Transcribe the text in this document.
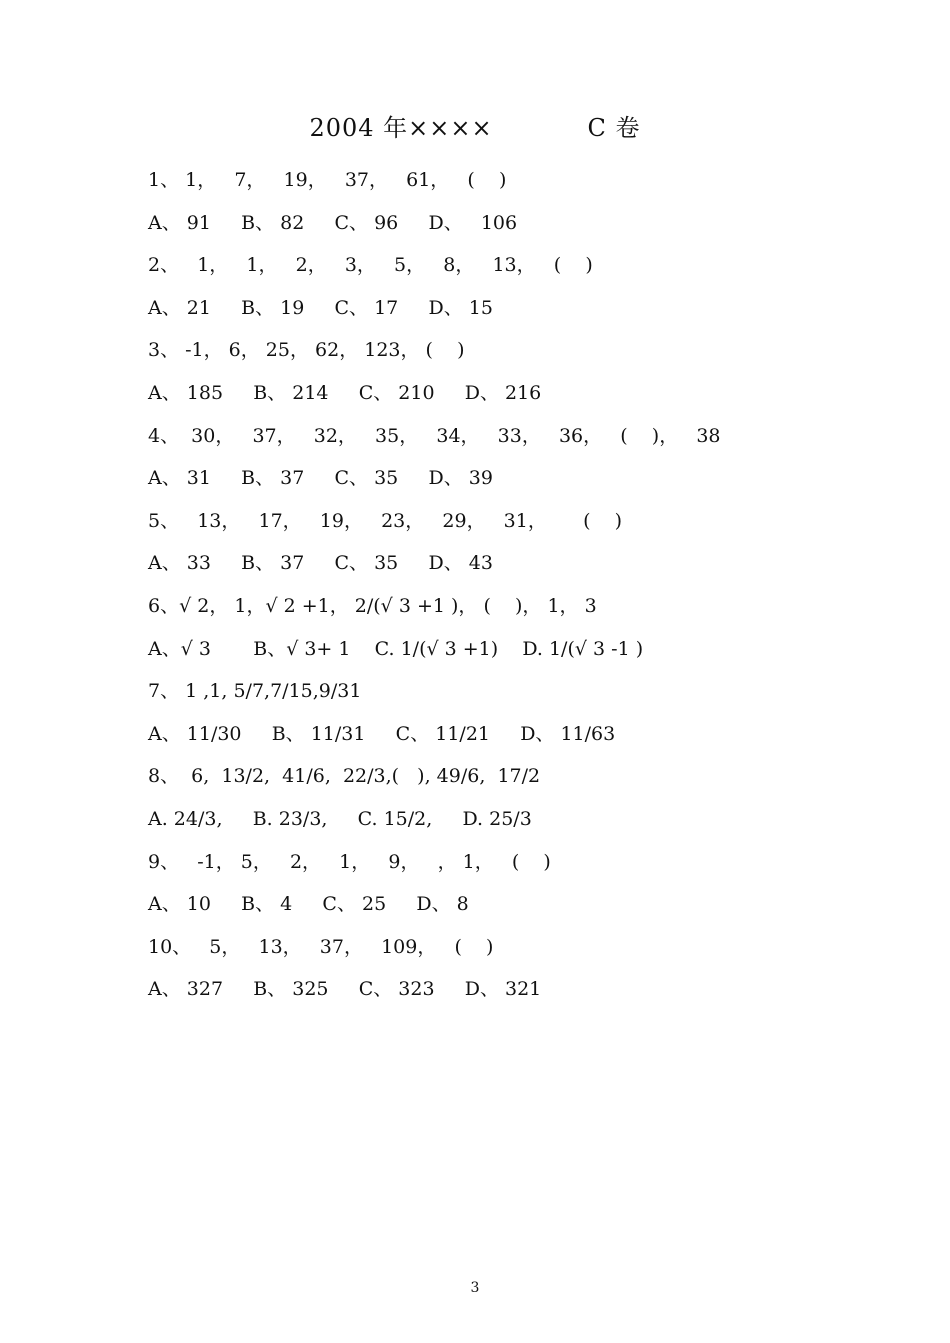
2004 年××××           C 卷
1、 1，   7，   19，   37，   61，   (    )
A、 91     B、 82     C、 96     D、   106
2、   1，   1，   2，   3，   5，   8，   13，   (    )
A、 21     B、 19     C、 17     D、 15
3、 -1， 6， 25， 62， 123， (    )
A、 185     B、 214     C、 210     D、 216
4、  30，   37，   32，   35，   34，   33，   36，   (    )，   38
A、 31     B、 37     C、 35     D、 39
5、   13，   17，   19，   23，   29，   31，      (    )
A、 33     B、 37     C、 35     D、 43
6、√ 2， 1，√ 2 +1， 2/(√ 3 +1 )， (    )， 1， 3
A、√ 3       B、√ 3+ 1    C. 1/(√ 3 +1)    D. 1/(√ 3 -1 )
7、 1 ,1, 5/7,7/15,9/31
A、 11/30     B、 11/31     C、 11/21     D、 11/63
8、  6,  13/2,  41/6,  22/3,(   ), 49/6,  17/2
A. 24/3,     B. 23/3,     C. 15/2,     D. 25/3
9、   -1， 5，   2，   1，   9，   ， 1，   (    )
A、 10     B、 4     C、 25     D、 8
10、   5，   13，   37，   109，   (    )
A、 327     B、 325     C、 323     D、 321
3
